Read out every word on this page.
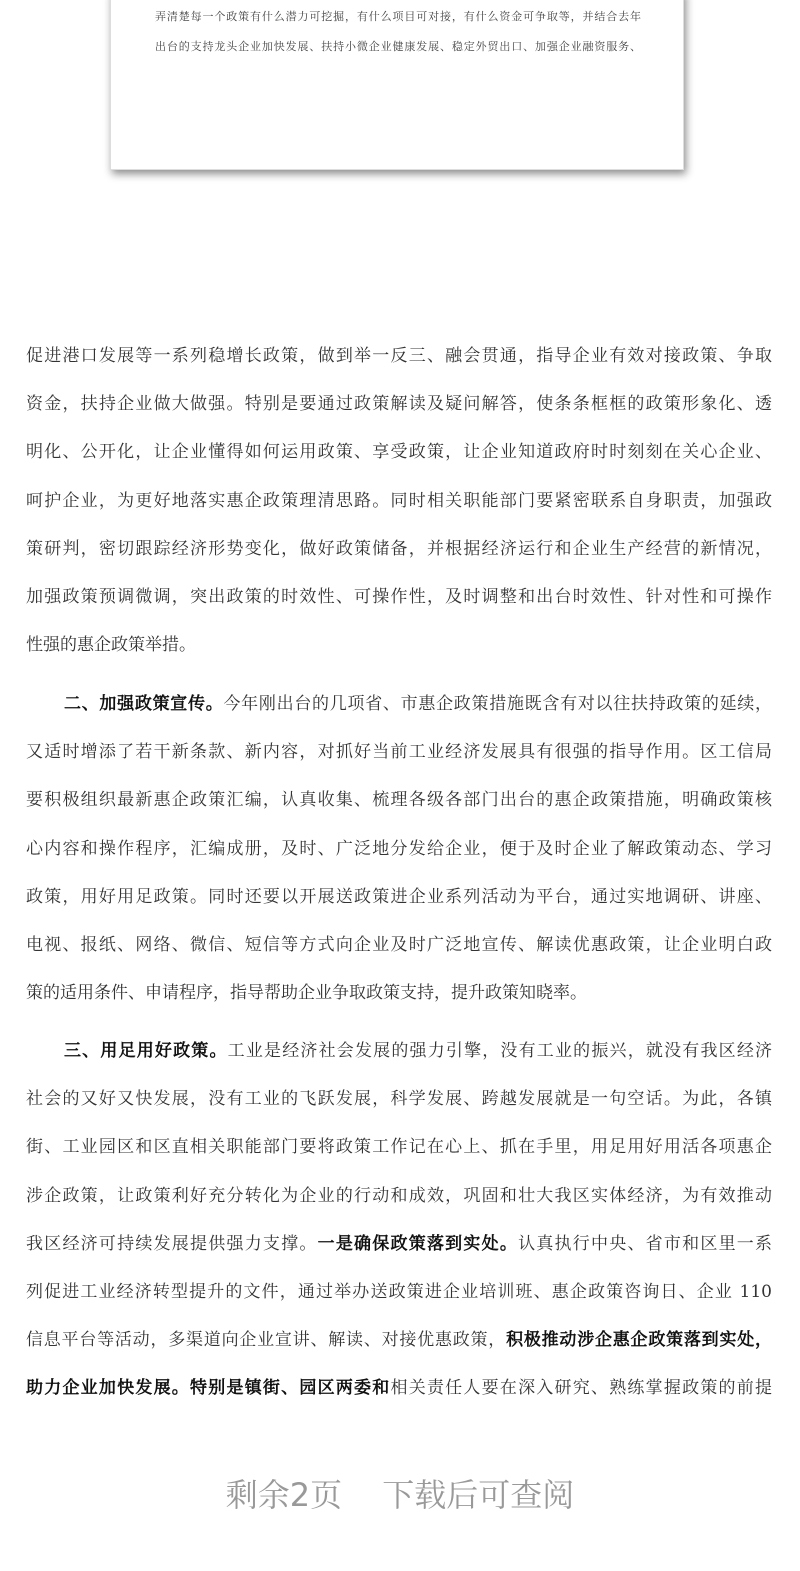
弄清楚每一个政策有什么潜力可挖掘，有什么项目可对接，有什么资金可争取等，并结合去年
出台的支持龙头企业加快发展、扶持小微企业健康发展、稳定外贸出口、加强企业融资服务、
促进港口发展等一系列稳增长政策，做到举一反三、融会贯通，指导企业有效对接政策、争取
资金，扶持企业做大做强。特别是要通过政策解读及疑问解答，使条条框框的政策形象化、透
明化、公开化，让企业懂得如何运用政策、享受政策，让企业知道政府时时刻刻在关心企业、
呵护企业，为更好地落实惠企政策理清思路。同时相关职能部门要紧密联系自身职责，加强政
策研判，密切跟踪经济形势变化，做好政策储备，并根据经济运行和企业生产经营的新情况，
加强政策预调微调，突出政策的时效性、可操作性，及时调整和出台时效性、针对性和可操作
性强的惠企政策举措。
二、加强政策宣传。今年刚出台的几项省、市惠企政策措施既含有对以往扶持政策的延续，
又适时增添了若干新条款、新内容，对抓好当前工业经济发展具有很强的指导作用。区工信局
要积极组织最新惠企政策汇编，认真收集、梳理各级各部门出台的惠企政策措施，明确政策核
心内容和操作程序，汇编成册，及时、广泛地分发给企业，便于及时企业了解政策动态、学习
政策，用好用足政策。同时还要以开展送政策进企业系列活动为平台，通过实地调研、讲座、
电视、报纸、网络、微信、短信等方式向企业及时广泛地宣传、解读优惠政策，让企业明白政
策的适用条件、申请程序，指导帮助企业争取政策支持，提升政策知晓率。
三、用足用好政策。工业是经济社会发展的强力引擎，没有工业的振兴，就没有我区经济
社会的又好又快发展，没有工业的飞跃发展，科学发展、跨越发展就是一句空话。为此，各镇
街、工业园区和区直相关职能部门要将政策工作记在心上、抓在手里，用足用好用活各项惠企
涉企政策，让政策利好充分转化为企业的行动和成效，巩固和壮大我区实体经济，为有效推动
我区经济可持续发展提供强力支撑。一是确保政策落到实处。认真执行中央、省市和区里一系
列促进工业经济转型提升的文件，通过举办送政策进企业培训班、惠企政策咨询日、企业 110
信息平台等活动，多渠道向企业宣讲、解读、对接优惠政策，积极推动涉企惠企政策落到实处，
助力企业加快发展。特别是镇街、园区两委和相关责任人要在深入研究、熟练掌握政策的前提
剩余2页 下载后可查阅
